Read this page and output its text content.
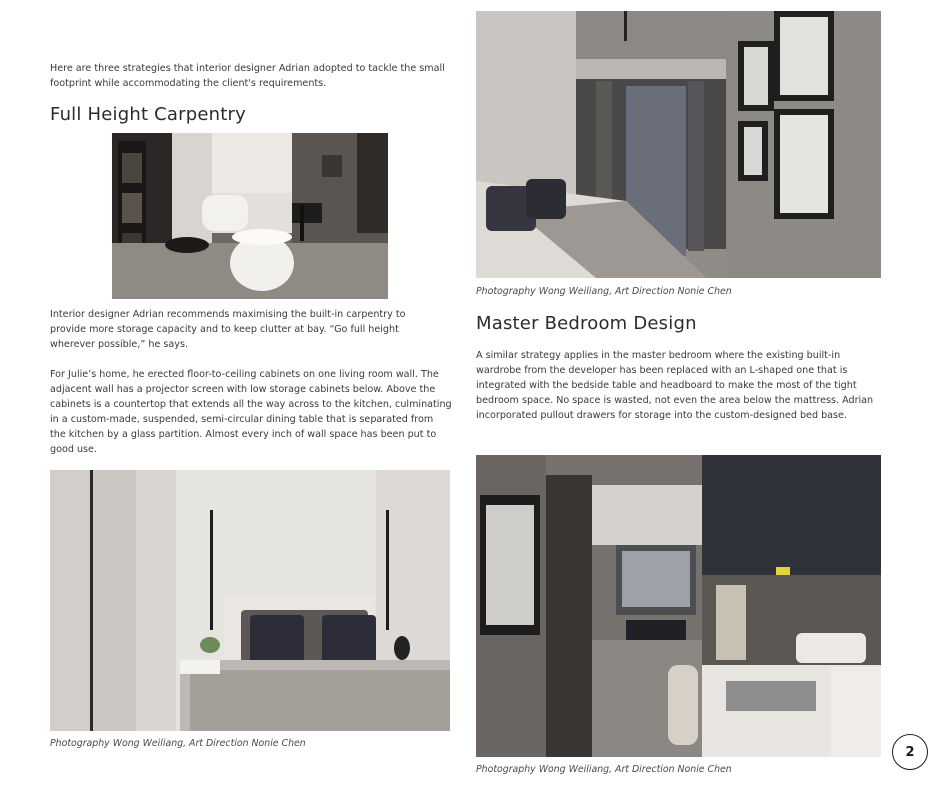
Here are three strategies that interior designer Adrian adopted to tackle the small footprint while accommodating the client's requirements.
Full Height Carpentry
Interior designer Adrian recommends maximising the built-in carpentry to provide more storage capacity and to keep clutter at bay. “Go full height wherever possible,” he says.
For Julie’s home, he erected floor-to-ceiling cabinets on one living room wall. The adjacent wall has a projector screen with low storage cabinets below. Above the cabinets is a countertop that extends all the way across to the kitchen, culminating in a custom-made, suspended, semi-circular dining table that is separated from the kitchen by a glass partition. Almost every inch of wall space has been put to good use.
Photography Wong Weiliang, Art Direction Nonie Chen
Photography Wong Weiliang, Art Direction Nonie Chen
Master Bedroom Design
A similar strategy applies in the master bedroom where the existing built-in wardrobe from the developer has been replaced with an L-shaped one that is integrated with the bedside table and headboard to make the most of the tight bedroom space. No space is wasted, not even the area below the mattress. Adrian incorporated pullout drawers for storage into the custom-designed bed base.
Photography Wong Weiliang, Art Direction Nonie Chen
2
